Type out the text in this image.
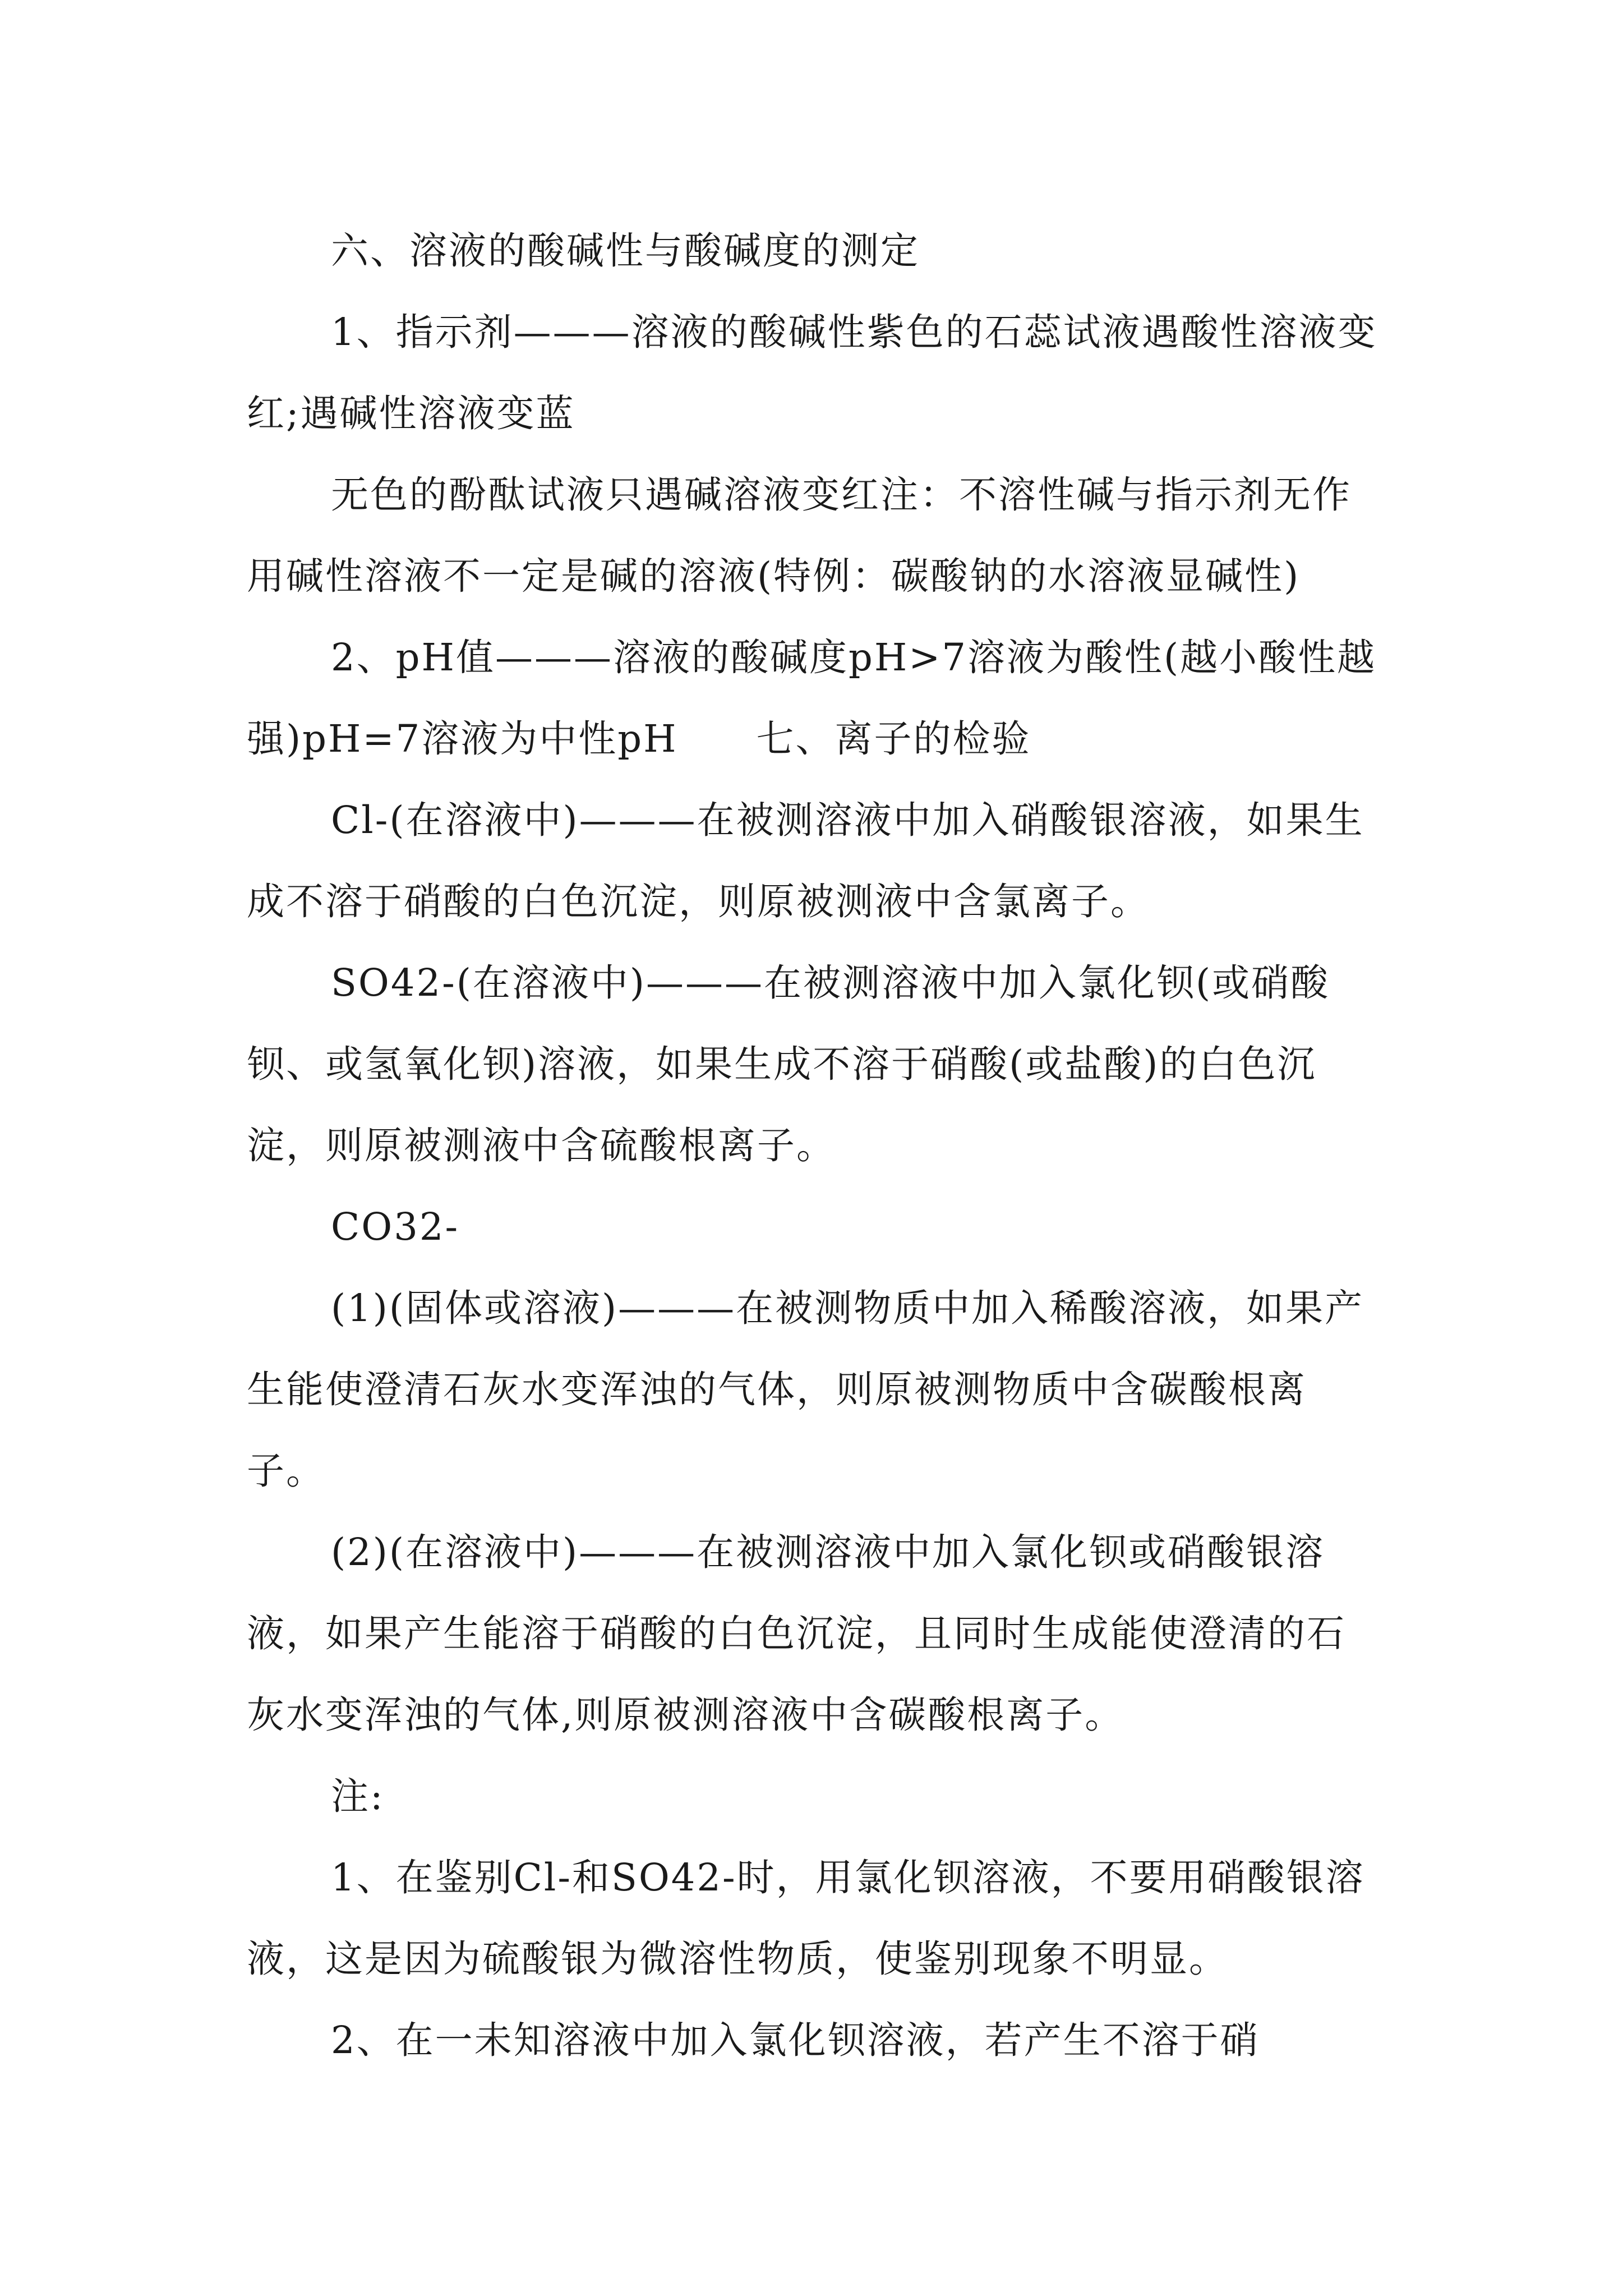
六、溶液的酸碱性与酸碱度的测定

1、指示剂———溶液的酸碱性紫色的石蕊试液遇酸性溶液变红;遇碱性溶液变蓝

无色的酚酞试液只遇碱溶液变红注：不溶性碱与指示剂无作用碱性溶液不一定是碱的溶液(特例：碳酸钠的水溶液显碱性)

2、pH值———溶液的酸碱度pH>7溶液为酸性(越小酸性越强)pH=7溶液为中性pH　　七、离子的检验

Cl-(在溶液中)———在被测溶液中加入硝酸银溶液，如果生成不溶于硝酸的白色沉淀，则原被测液中含氯离子。

SO42-(在溶液中)———在被测溶液中加入氯化钡(或硝酸钡、或氢氧化钡)溶液，如果生成不溶于硝酸(或盐酸)的白色沉淀，则原被测液中含硫酸根离子。

CO32-

(1)(固体或溶液)———在被测物质中加入稀酸溶液，如果产生能使澄清石灰水变浑浊的气体，则原被测物质中含碳酸根离子。

(2)(在溶液中)———在被测溶液中加入氯化钡或硝酸银溶液，如果产生能溶于硝酸的白色沉淀，且同时生成能使澄清的石灰水变浑浊的气体,则原被测溶液中含碳酸根离子。

注:

1、在鉴别Cl-和SO42-时，用氯化钡溶液，不要用硝酸银溶液，这是因为硫酸银为微溶性物质，使鉴别现象不明显。

2、在一未知溶液中加入氯化钡溶液，若产生不溶于硝
